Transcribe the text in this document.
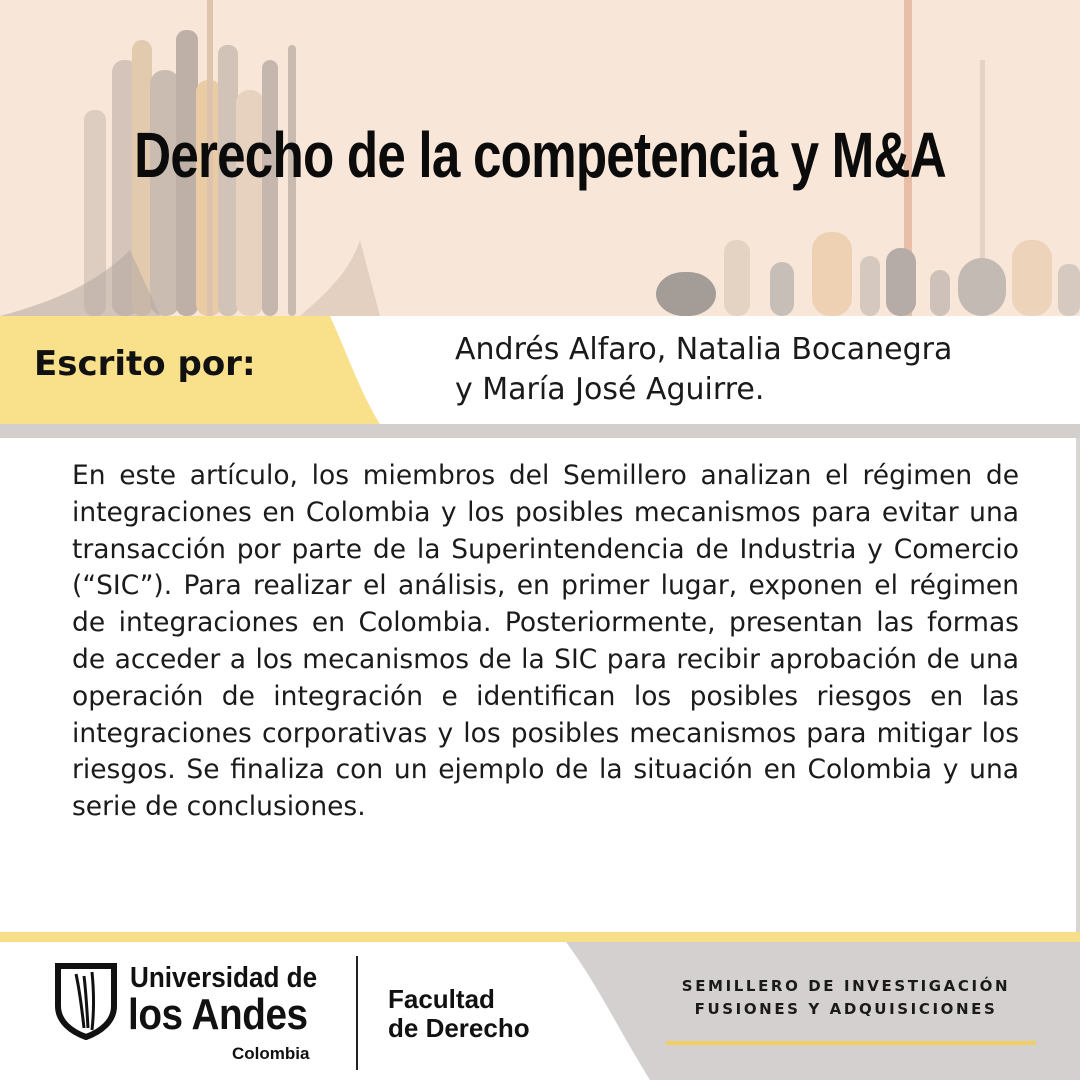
Derecho de la competencia y M&A

Escrito por:	Andrés Alfaro, Natalia Bocanegra
y María José Aguirre.

En este artículo, los miembros del Semillero analizan el régimen de integraciones en Colombia y los posibles mecanismos para evitar una transacción por parte de la Superintendencia de Industria y Comercio (“SIC”). Para realizar el análisis, en primer lugar, exponen el régimen de integraciones en Colombia. Posteriormente, presentan las formas de acceder a los mecanismos de la SIC para recibir aprobación de una operación de integración e identifican los posibles riesgos en las integraciones corporativas y los posibles mecanismos para mitigar los riesgos. Se finaliza con un ejemplo de la situación en Colombia y una serie de conclusiones.

Universidad de
los Andes
Colombia
Facultad
de Derecho
SEMILLERO DE INVESTIGACIÓN
FUSIONES Y ADQUISICIONES
